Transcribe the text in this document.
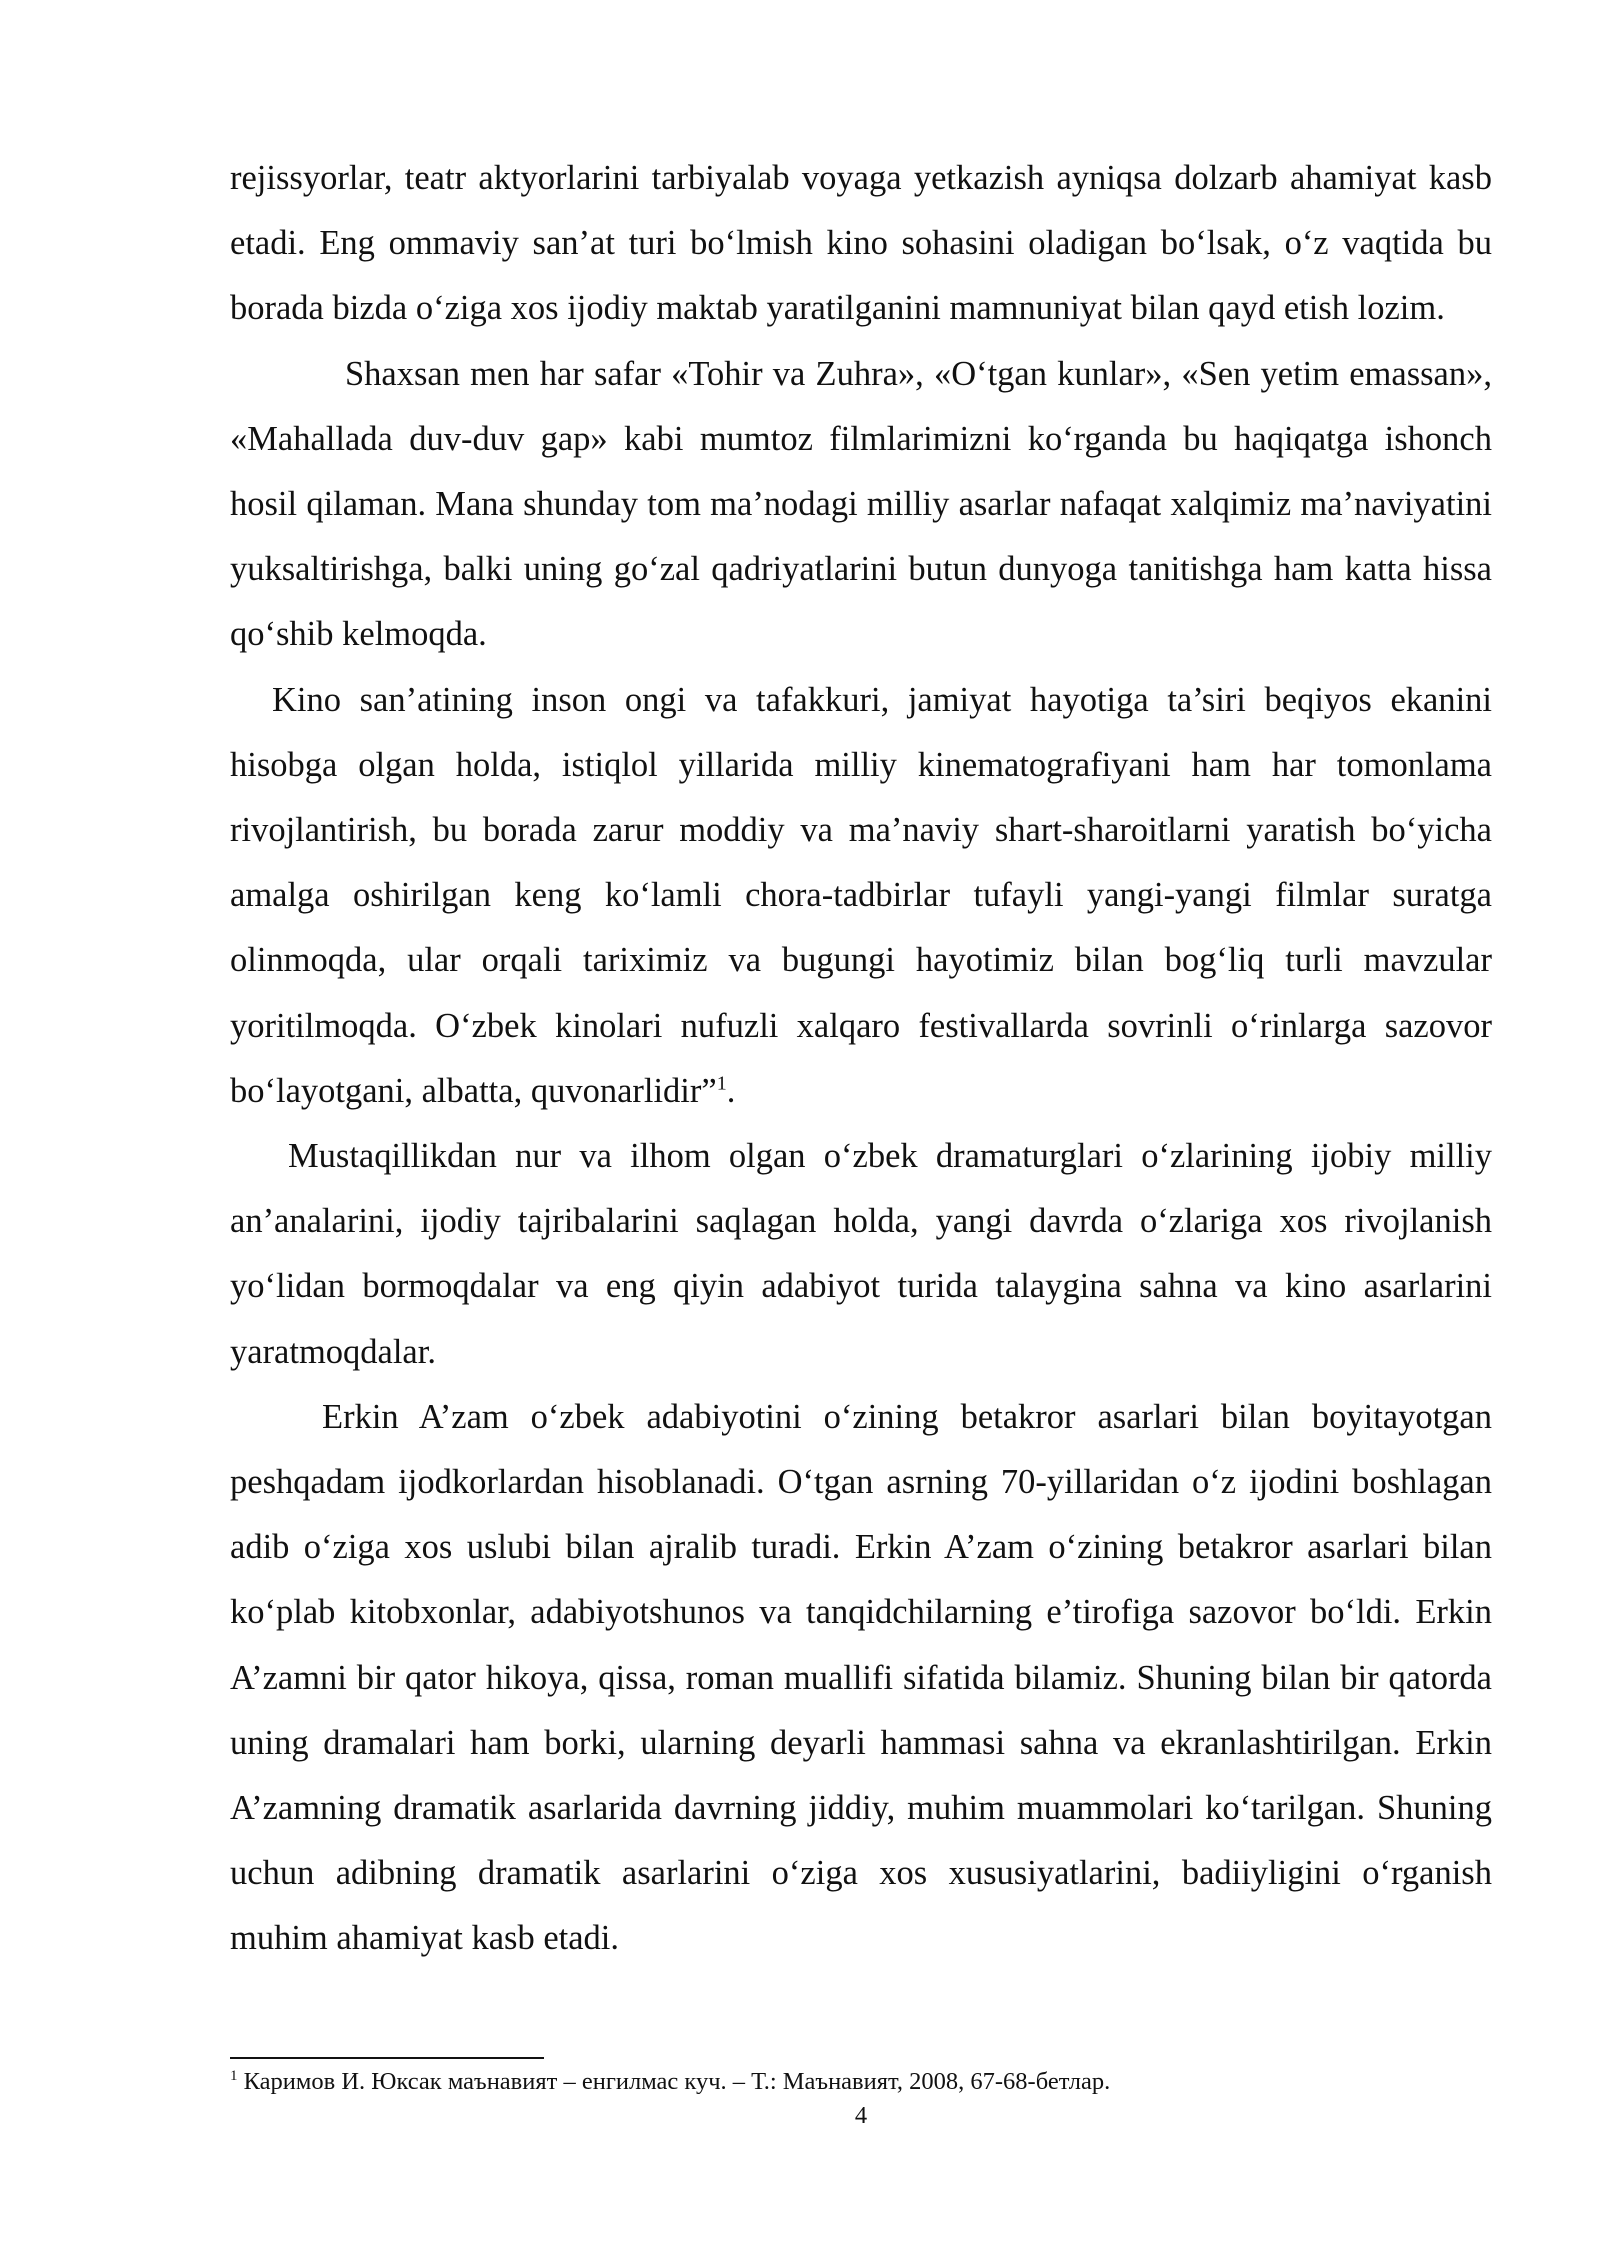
rejissyorlar, teatr aktyorlarini tarbiyalab voyaga yetkazish ayniqsa dolzarb ahamiyat kasb etadi. Eng ommaviy san’at turi bo‘lmish kino sohasini oladigan bo‘lsak, o‘z vaqtida bu borada bizda o‘ziga xos ijodiy maktab yaratilganini mamnuniyat bilan qayd etish lozim.

Shaxsan men har safar «Tohir va Zuhra», «O‘tgan kunlar», «Sen yetim emassan», «Mahallada duv-duv gap» kabi mumtoz filmlarimizni ko‘rganda bu haqiqatga ishonch hosil qilaman. Mana shunday tom ma’nodagi milliy asarlar nafaqat xalqimiz ma’naviyatini yuksaltirishga, balki uning go‘zal qadriyatlarini butun dunyoga tanitishga ham katta hissa qo‘shib kelmoqda.

Kino san’atining inson ongi va tafakkuri, jamiyat hayotiga ta’siri beqiyos ekanini hisobga olgan holda, istiqlol yillarida milliy kinematografiyani ham har tomonlama rivojlantirish, bu borada zarur moddiy va ma’naviy shart-sharoitlarni yaratish bo‘yicha amalga oshirilgan keng ko‘lamli chora-tadbirlar tufayli yangi-yangi filmlar suratga olinmoqda, ular orqali tariximiz va bugungi hayotimiz bilan bog‘liq turli mavzular yoritilmoqda. O‘zbek kinolari nufuzli xalqaro festivallarda sovrinli o‘rinlarga sazovor bo‘layotgani, albatta, quvonarlidir”$^1$.

Mustaqillikdan nur va ilhom olgan o‘zbek dramaturglari o‘zlarining ijobiy milliy an’analarini, ijodiy tajribalarini saqlagan holda, yangi davrda o‘zlariga xos rivojlanish yo‘lidan bormoqdalar va eng qiyin adabiyot turida talaygina sahna va kino asarlarini yaratmoqdalar.

Erkin A’zam o‘zbek adabiyotini o‘zining betakror asarlari bilan boyitayotgan peshqadam ijodkorlardan hisoblanadi. O‘tgan asrning 70-yillaridan o‘z ijodini boshlagan adib o‘ziga xos uslubi bilan ajralib turadi. Erkin A’zam o‘zining betakror asarlari bilan ko‘plab kitobxonlar, adabiyotshunos va tanqidchilarning e’tirofiga sazovor bo‘ldi. Erkin A’zamni bir qator hikoya, qissa, roman muallifi sifatida bilamiz. Shuning bilan bir qatorda uning dramalari ham borki, ularning deyarli hammasi sahna va ekranlashtirilgan. Erkin A’zamning dramatik asarlarida davrning jiddiy, muhim muammolari ko‘tarilgan. Shuning uchun adibning dramatik asarlarini o‘ziga xos xususiyatlarini, badiiyligini o‘rganish muhim ahamiyat kasb etadi.

$^1$ Каримов И. Юксак маънавият – енгилмас куч. – Т.: Маънавият, 2008, 67-68-бетлар.
4
